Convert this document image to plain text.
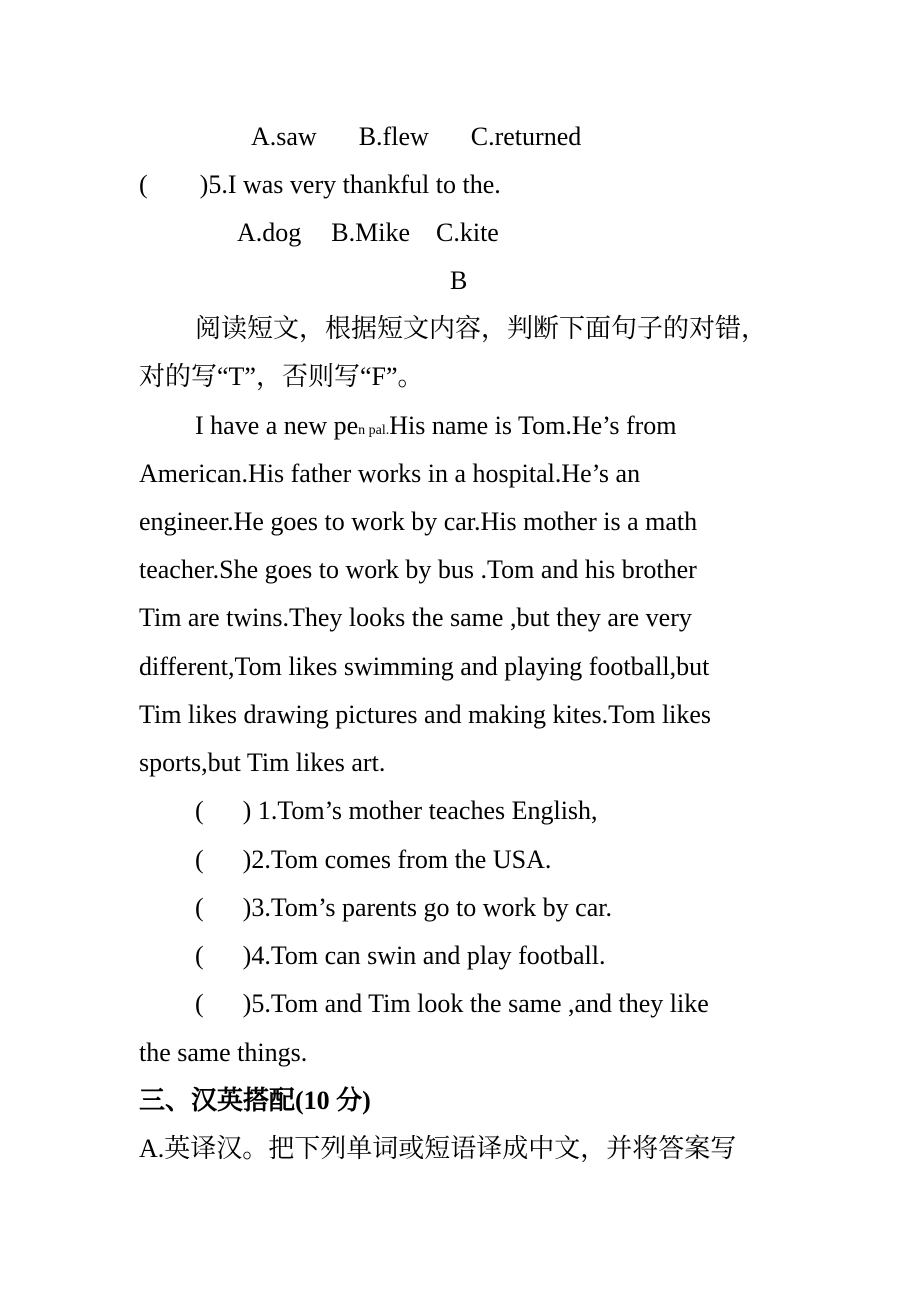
A.saw B.flew C.returned
(        ) 5.I was very thankful to the.
A.dog B.Mike C.kite
B
阅读短文，根据短文内容，判断下面句子的对错，
对的写“T”，否则写“F”。
I have a new pe n pal. His name is Tom.He’s from
American.His father works in a hospital.He’s an
engineer.He goes to work by car.His mother is a math
teacher.She goes to work by bus .Tom and his brother
Tim are twins.They looks the same ,but they are very
different,Tom likes swimming and playing football,but
Tim likes drawing pictures and making kites.Tom likes
sports,but Tim likes art.
(      ) 1.Tom’s mother teaches English,
(      )2.Tom comes from the USA.
(      )3.Tom’s parents go to work by car.
(      )4.Tom can swin and play football.
(      )5.Tom and Tim look the same ,and they like
the same things.
三、汉英搭配(10 分)
A.英译汉。把下列单词或短语译成中文，并将答案写
